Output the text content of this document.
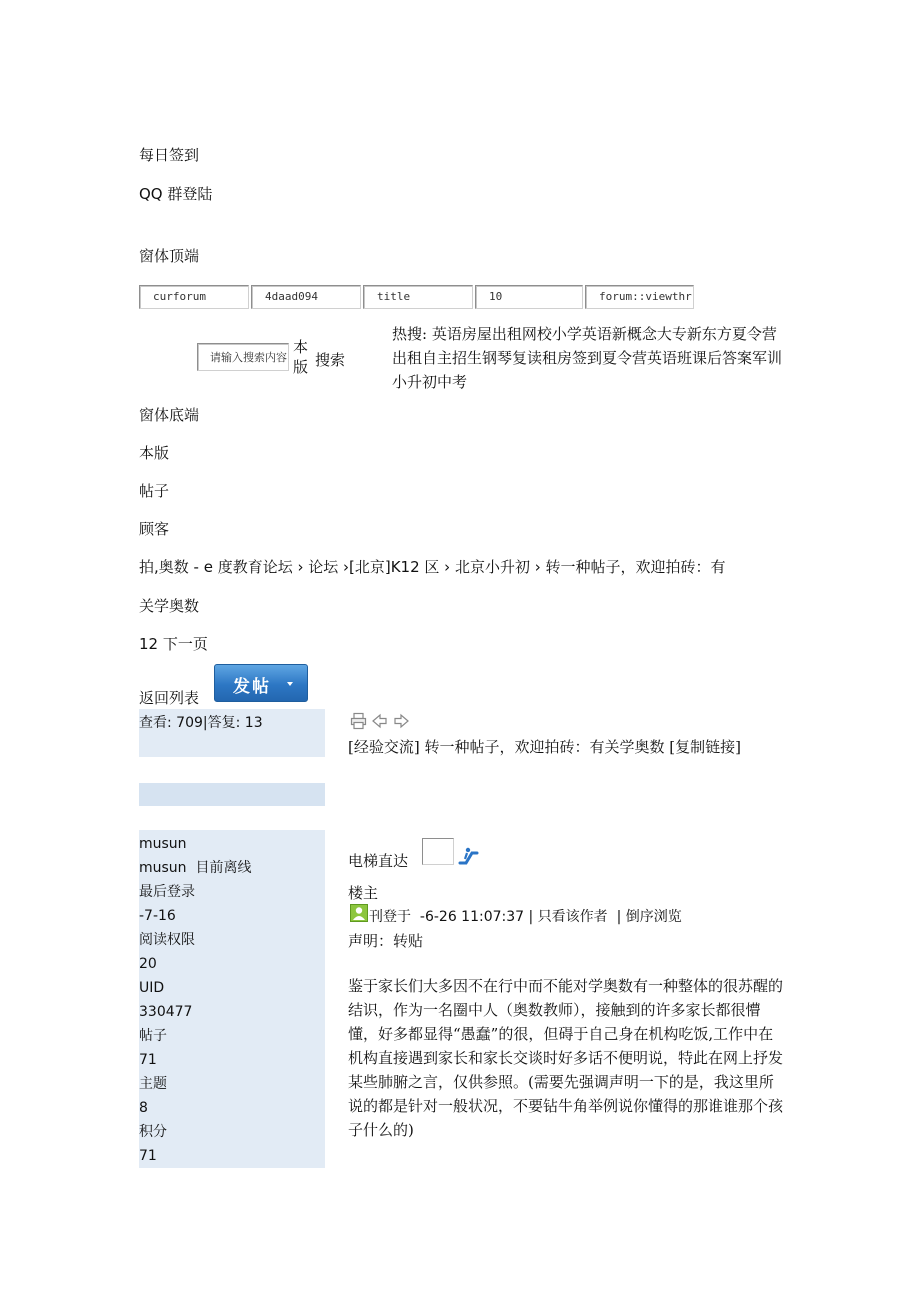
每日签到
QQ 群登陆
窗体顶端
curforum	4daad094	title	10	forum::viewthr
请输入搜索内容
本版 搜索
热搜: 英语房屋出租网校小学英语新概念大专新东方夏令营出租自主招生钢琴复读租房签到夏令营英语班课后答案军训小升初中考
窗体底端
本版
帖子
顾客
拍,奥数 - e 度教育论坛 › 论坛 ›[北京]K12 区 › 北京小升初 › 转一种帖子，欢迎拍砖：有
关学奥数
12 下一页
返回列表
发帖
查看: 709|答复: 13
[经验交流] 转一种帖子，欢迎拍砖：有关学奥数 [复制链接]
musun
musun 目前离线
最后登录
-7-16
阅读权限
20
UID
330477
帖子
71
主题
8
积分
71
电梯直达
楼主
刊登于 -6-26 11:07:37 | 只看该作者  | 倒序浏览
声明：转贴
鉴于家长们大多因不在行中而不能对学奥数有一种整体的很苏醒的结识，作为一名圈中人（奥数教师），接触到的许多家长都很懵懂，好多都显得“愚蠢”的很，但碍于自己身在机构吃饭,工作中在机构直接遇到家长和家长交谈时好多话不便明说，特此在网上抒发某些肺腑之言，仅供参照。(需要先强调声明一下的是，我这里所说的都是针对一般状况，不要钻牛角举例说你懂得的那谁谁那个孩子什么的)
